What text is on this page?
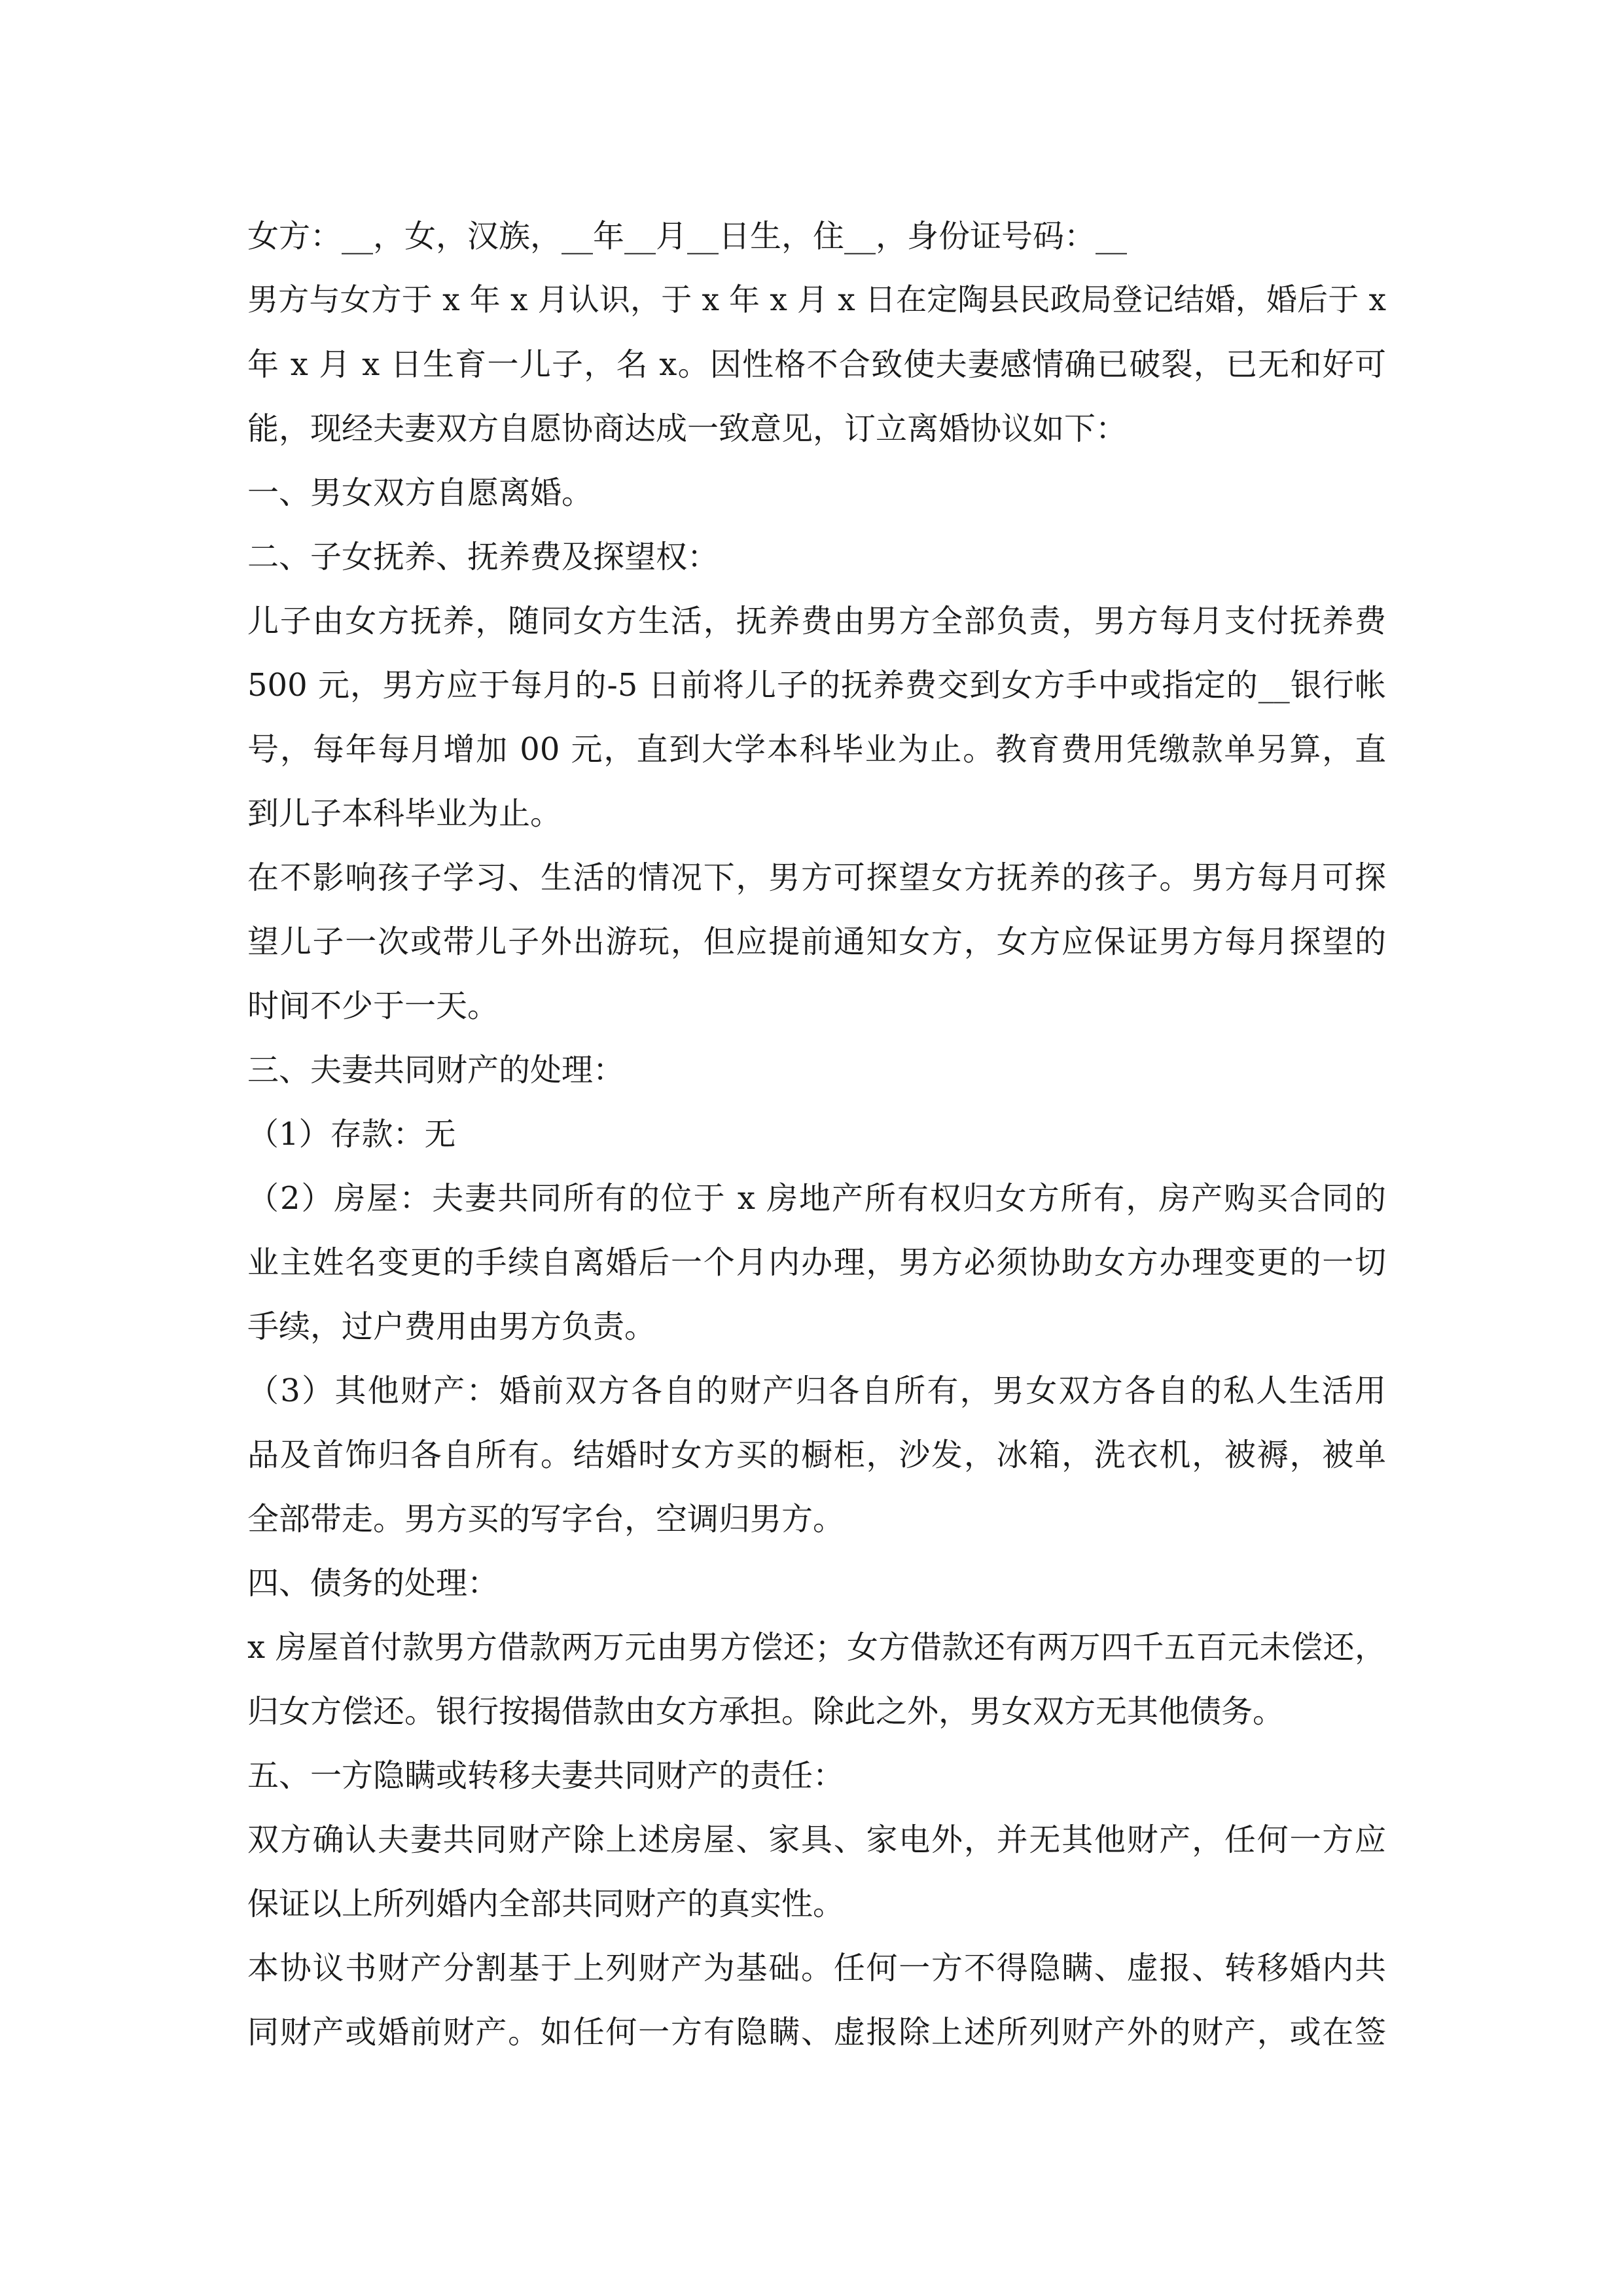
女方：__，女，汉族，__年__月__日生，住__，身份证号码：__
男方与女方于 x 年 x 月认识，于 x 年 x 月 x 日在定陶县民政局登记结婚，婚后于 x
年 x 月 x 日生育一儿子，名 x。因性格不合致使夫妻感情确已破裂，已无和好可
能，现经夫妻双方自愿协商达成一致意见，订立离婚协议如下：
一、男女双方自愿离婚。
二、子女抚养、抚养费及探望权：
儿子由女方抚养，随同女方生活，抚养费由男方全部负责，男方每月支付抚养费
500 元，男方应于每月的-5 日前将儿子的抚养费交到女方手中或指定的__银行帐
号，每年每月增加 00 元，直到大学本科毕业为止。教育费用凭缴款单另算，直
到儿子本科毕业为止。
在不影响孩子学习、生活的情况下，男方可探望女方抚养的孩子。男方每月可探
望儿子一次或带儿子外出游玩，但应提前通知女方，女方应保证男方每月探望的
时间不少于一天。
三、夫妻共同财产的处理：
（1）存款：无
（2）房屋：夫妻共同所有的位于 x 房地产所有权归女方所有，房产购买合同的
业主姓名变更的手续自离婚后一个月内办理，男方必须协助女方办理变更的一切
手续，过户费用由男方负责。
（3）其他财产：婚前双方各自的财产归各自所有，男女双方各自的私人生活用
品及首饰归各自所有。结婚时女方买的橱柜，沙发，冰箱，洗衣机，被褥，被单
全部带走。男方买的写字台，空调归男方。
四、债务的处理：
x 房屋首付款男方借款两万元由男方偿还；女方借款还有两万四千五百元未偿还，
归女方偿还。银行按揭借款由女方承担。除此之外，男女双方无其他债务。
五、一方隐瞒或转移夫妻共同财产的责任：
双方确认夫妻共同财产除上述房屋、家具、家电外，并无其他财产，任何一方应
保证以上所列婚内全部共同财产的真实性。
本协议书财产分割基于上列财产为基础。任何一方不得隐瞒、虚报、转移婚内共
同财产或婚前财产。如任何一方有隐瞒、虚报除上述所列财产外的财产，或在签
